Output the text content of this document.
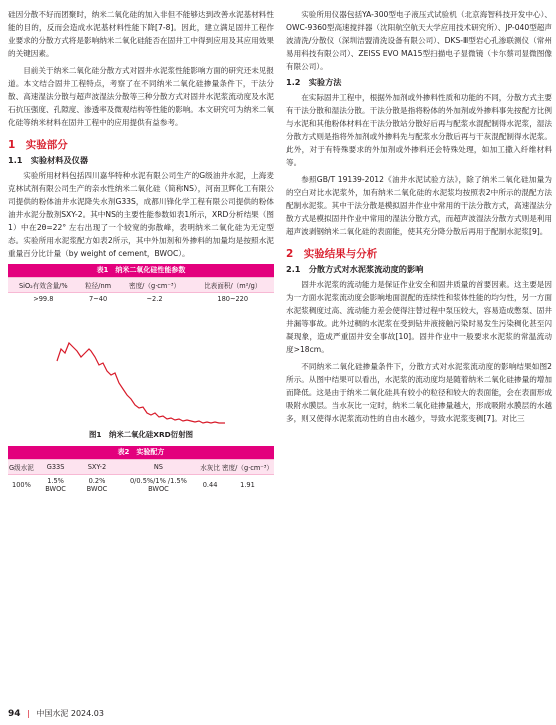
硅因分散不好而团聚时，纳米二氧化硅的加入非但不能够达到改善水泥基材料性能的目的，反而会造成水泥基材料性能下降[7-8]。因此，建立满足固井工程作业要求的分散方式将是影响纳米二氧化硅能否在固井工中得到应用及其应用效果的关键因素。

目前关于纳米二氧化硅分散方式对固井水泥浆性能影响方面的研究还未见报道。本文结合固井工程特点，考察了在不同纳米二氧化硅掺量条件下，干法分散、高速湿法分散与超声波湿法分散等三种分散方式对固井水泥浆流动度及水泥石抗压强度、孔隙度、渗透率及微观结构等性能的影响。本文研究可为纳米二氧化硅等纳米材料在固井工程中的应用提供有益参考。

1　实验部分
1.1　实验材料及仪器

实验所用材料包括四川嘉华特种水泥有限公司生产的G级油井水泥，上海麦克林试剂有限公司生产的亲水性纳米二氧化硅（简称NS），河南卫辉化工有限公司提供的粉体油井水泥降失水剂G33S，成都川锋化学工程有限公司提供的粉体油井水泥分散剂SXY-2。其中NS的主要性能参数如表1所示，XRD分析结果（图1）中在2θ=22° 左右出现了一个较宽的弥散峰，表明纳米二氧化硅为无定型态。实验所用水泥浆配方如表2所示，其中外加剂和外掺料的加量均是按照水泥重量百分比计量（by weight of cement，BWOC）。

表1　纳米二氧化硅性能参数
SiO₂有效含量/%	粒径/nm	密度/（g·cm⁻³）	比表面积/（m²/g）
>99.8	7~40	~2.2	180~220
图1　纳米二氧化硅XRD衍射图
表2　实验配方
G级水泥	G33S	SXY-2	NS	水灰比	密度/（g·cm⁻³）
100%	1.5% BWOC	0.2% BWOC	0/0.5%/1% /1.5% BWOC	0.44	1.91

实验所用仪器包括YA-300型电子液压式试验机（北京海智科技开发中心）、OWC-9360型高速搅拌器（沈阳航空航天大学应用技术研究所）、JP-040型超声波清洗/分散仪（深圳洁盟清洗设备有限公司）、DKS-Ⅲ型岩心孔渗联测仪（常州易用科技有限公司）、ZEISS EVO MA15型扫描电子显微镜（卡尔蔡司显微图像有限公司）。

1.2　实验方法

在实际固井工程中，根据外加剂或外掺料性质和功能的不同，分散方式主要有干法分散和湿法分散。干法分散是指将粉体的外加剂或外掺料事先按配方比例与水泥和其他粉体材料在干法分散站分散好后再与配浆水混配制得水泥浆，湿法分散方式则是指将外加剂或外掺料先与配浆水分散后再与干灰混配制得水泥浆。此外，对于有特殊要求的外加剂或外掺料还会特殊处理，如加工撒入纤维材料等。

参照GB/T 19139-2012《油井水泥试验方法》，除了纳米二氧化硅加量为的空白对比水泥浆外，加有纳米二氧化硅的水泥浆均按照表2中所示的混配方法配制水泥浆。其中干法分散是模拟固井作业中常用的干法分散方式，高速湿法分散方式是模拟固井作业中常用的湿法分散方式，而超声波湿法分散方式则是利用超声波剥钢纳米二氧化硅的表面能，使其充分降分散后再用于配制水泥浆[9]。

2　实验结果与分析
2.1　分散方式对水泥浆流动度的影响

固井水泥浆的流动能力是保证作业安全和固井质量的首要因素。这主要是因为一方面水泥浆流动度会影响地面混配的连续性和浆体性能的均匀性，另一方面水泥浆稠度过高、流动能力差会使得注替过程中泵压较大，容易造成憋泵、固井井漏等事故。此外过稠的水泥浆在受到钻井液接触污染时易发生污染稠化甚至闪凝现象，造成严重固井安全事故[10]。固井作业中一般要求水泥浆的常温流动度>18cm。

不同纳米二氧化硅掺量条件下，分散方式对水泥浆流动度的影响结果如图2所示。从图中结果可以看出，水泥浆的流动度均是随着纳米二氧化硅掺量的增加而降低。这是由于纳米二氧化硅具有较小的粒径和较大的表面能，会在表面形成吸附水膜层。当水灰比一定时，纳米二氧化硅掺量越大，形成吸附水膜层的水越多，则又使得水泥浆流动性的自由水越少，导致水泥浆变稠[7]。对比三

94 | 中国水泥 2024.03
